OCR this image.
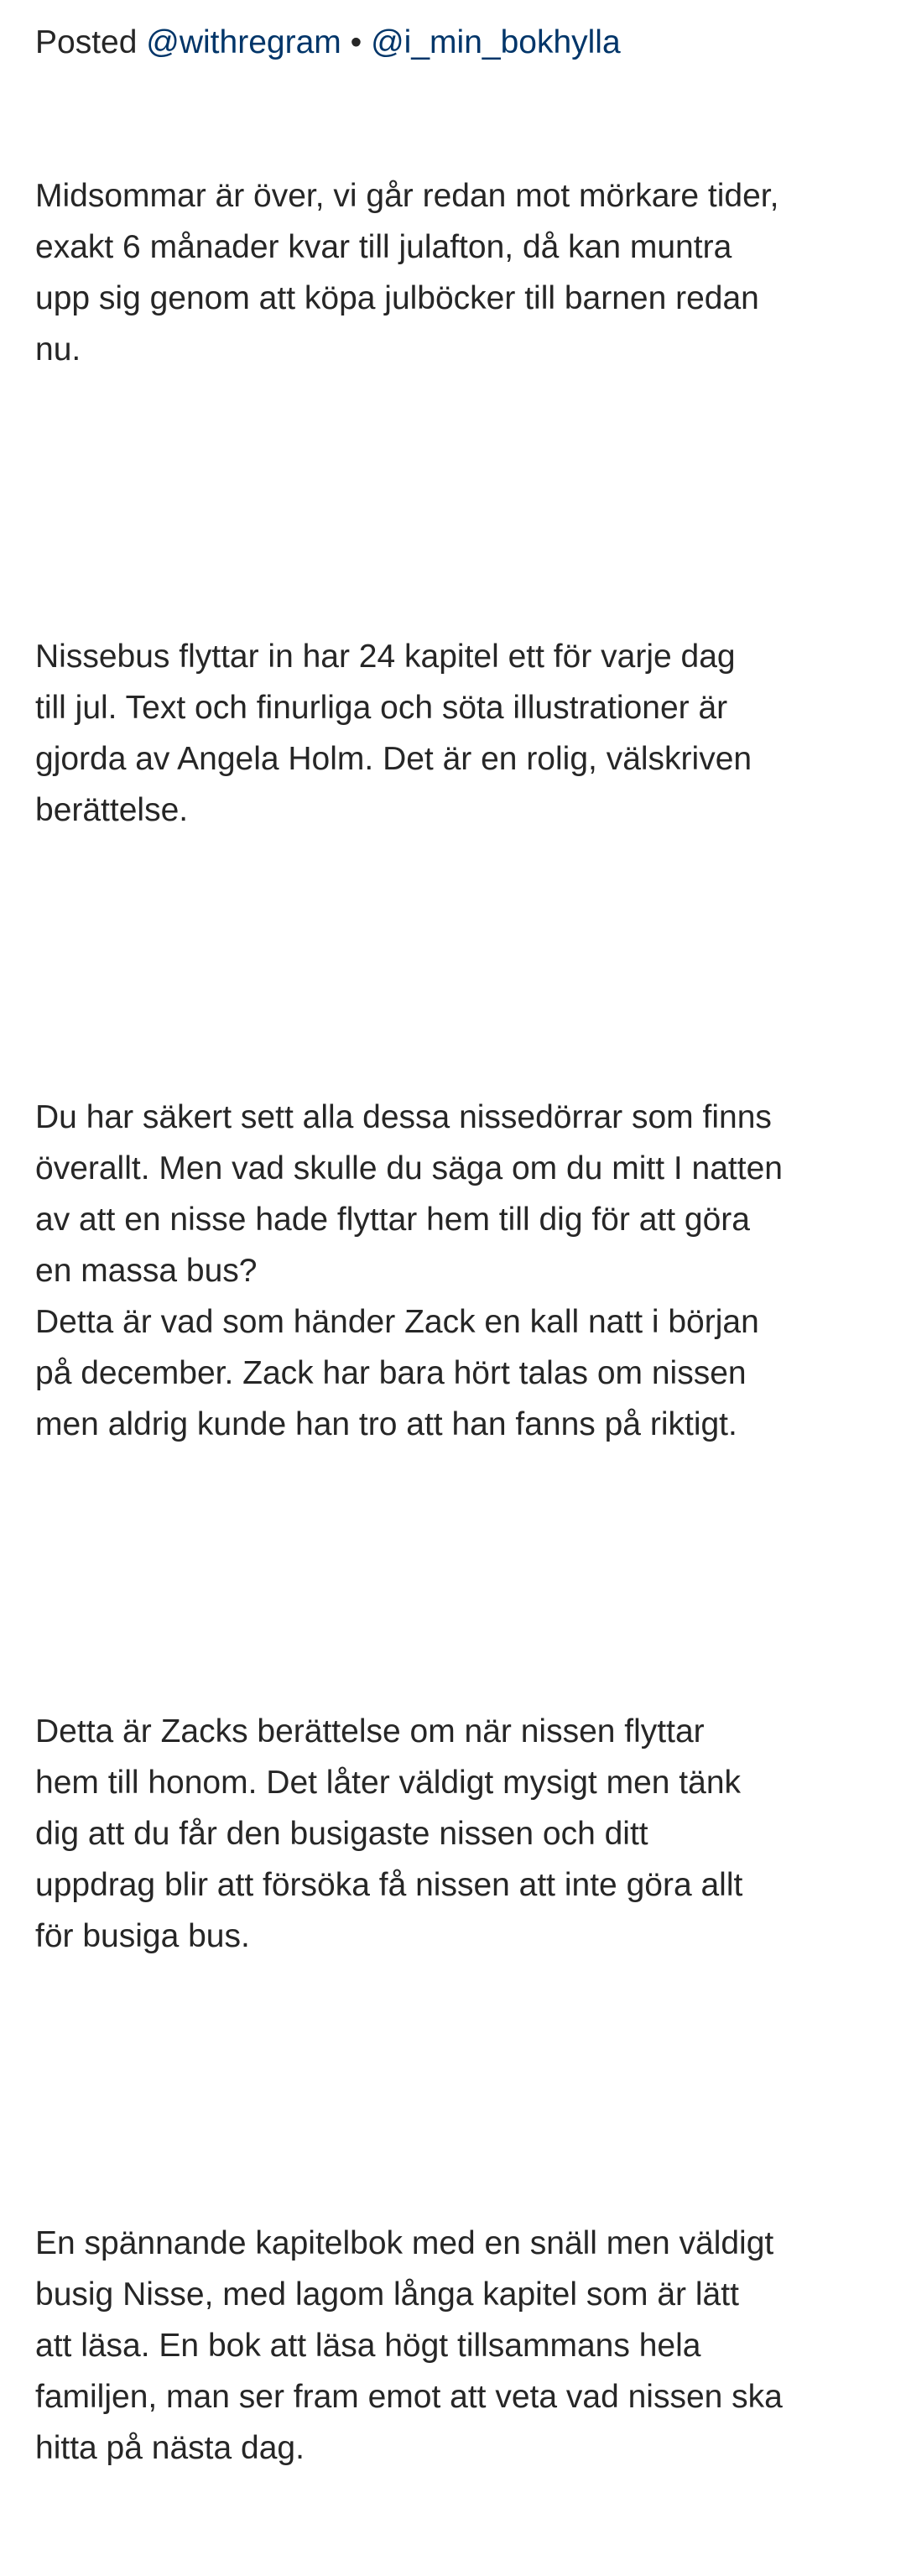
Posted @withregram • @i_min_bokhylla

Midsommar är över, vi går redan mot mörkare tider,
exakt 6 månader kvar till julafton, då kan muntra
upp sig genom att köpa julböcker till barnen redan
nu.

Nissebus flyttar in har 24 kapitel ett för varje dag
till jul. Text och finurliga och söta illustrationer är
gjorda av Angela Holm. Det är en rolig, välskriven
berättelse.

Du har säkert sett alla dessa nissedörrar som finns
överallt. Men vad skulle du säga om du mitt I natten
av att en nisse hade flyttar hem till dig för att göra
en massa bus?
Detta är vad som händer Zack en kall natt i början
på december. Zack har bara hört talas om nissen
men aldrig kunde han tro att han fanns på riktigt.

Detta är Zacks berättelse om när nissen flyttar
hem till honom. Det låter väldigt mysigt men tänk
dig att du får den busigaste nissen och ditt
uppdrag blir att försöka få nissen att inte göra allt
för busiga bus.

En spännande kapitelbok med en snäll men väldigt
busig Nisse, med lagom långa kapitel som är lätt
att läsa. En bok att läsa högt tillsammans hela
familjen, man ser fram emot att veta vad nissen ska
hitta på nästa dag.
